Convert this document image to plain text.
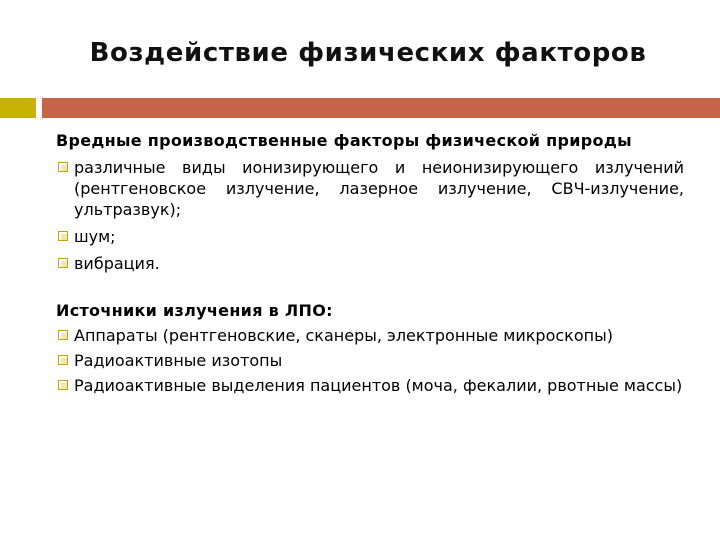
Воздействие физических факторов
Вредные производственные факторы физической природы
различные виды ионизирующего и неионизирующего излучений (рентгеновское излучение, лазерное излучение, СВЧ-излучение, ультразвук);
шум;
вибрация.
Источники излучения в ЛПО:
Аппараты (рентгеновские, сканеры, электронные микроскопы)
Радиоактивные изотопы
Радиоактивные выделения пациентов (моча, фекалии, рвотные массы)
